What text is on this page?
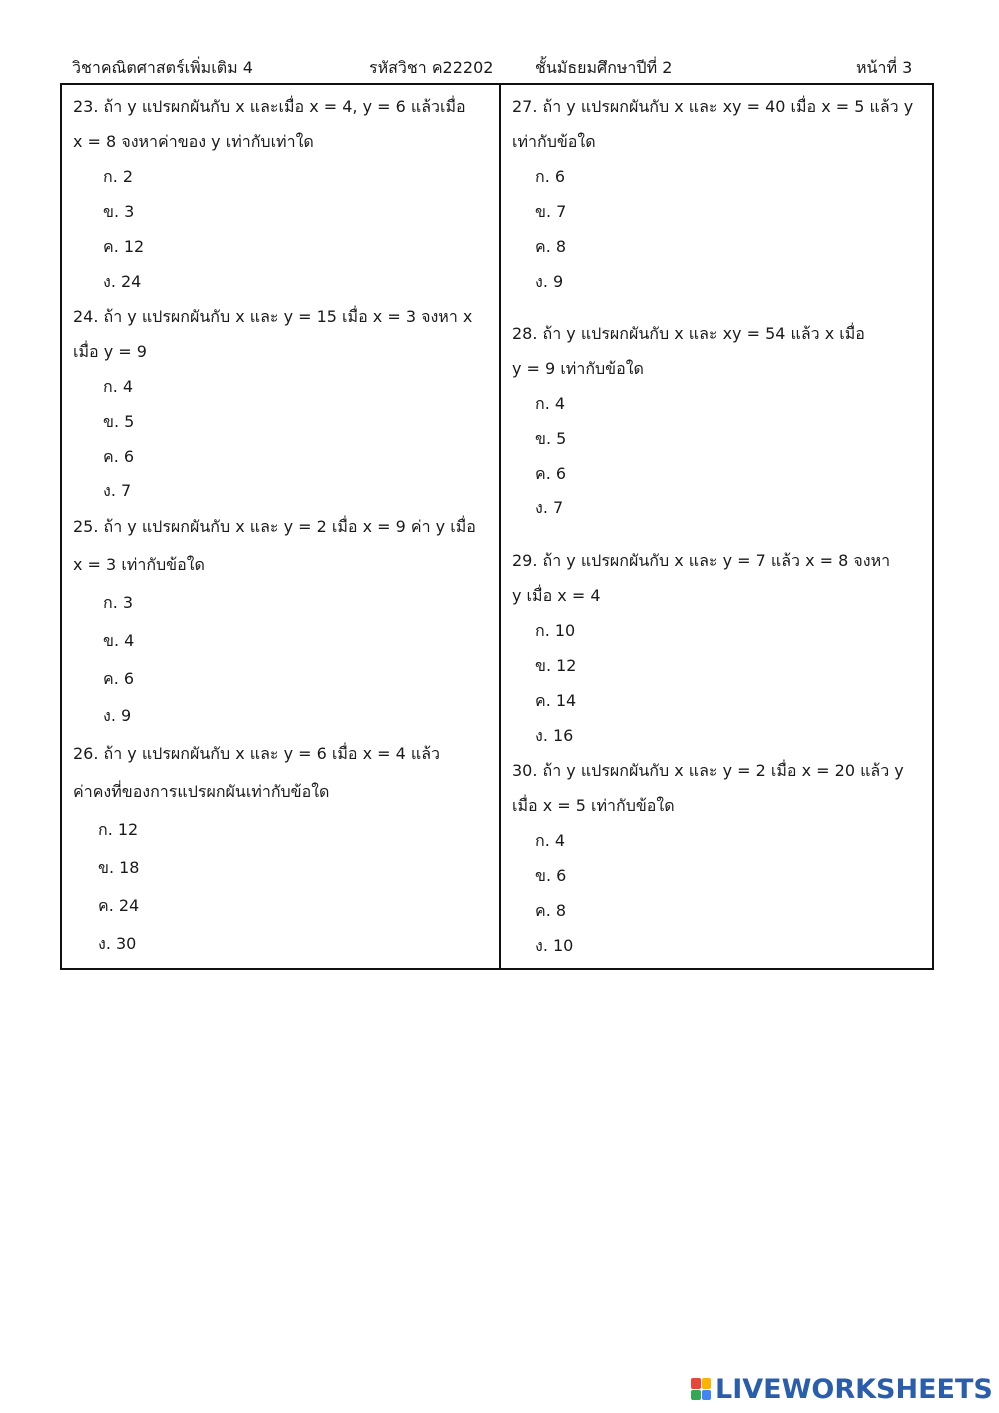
วิชาคณิตศาสตร์เพิ่มเติม 4	รหัสวิชา ค22202	ชั้นมัธยมศึกษาปีที่ 2	หน้าที่ 3
23. ถ้า y แปรผกผันกับ x และเมื่อ x = 4, y = 6 แล้วเมื่อ
x = 8 จงหาค่าของ y เท่ากับเท่าใด
ก. 2
ข. 3
ค. 12
ง. 24
24. ถ้า y แปรผกผันกับ x และ y = 15 เมื่อ x = 3 จงหา x
เมื่อ y = 9
ก. 4
ข. 5
ค. 6
ง. 7
25. ถ้า y แปรผกผันกับ x และ y = 2 เมื่อ x = 9 ค่า y เมื่อ
x = 3 เท่ากับข้อใด
ก. 3
ข. 4
ค. 6
ง. 9
26. ถ้า y แปรผกผันกับ x และ y = 6 เมื่อ x = 4 แล้ว
ค่าคงที่ของการแปรผกผันเท่ากับข้อใด
ก. 12
ข. 18
ค. 24
ง. 30
27. ถ้า y แปรผกผันกับ x และ xy = 40 เมื่อ x = 5 แล้ว y
เท่ากับข้อใด
ก. 6
ข. 7
ค. 8
ง. 9
28. ถ้า y แปรผกผันกับ x และ xy = 54 แล้ว x เมื่อ
y = 9 เท่ากับข้อใด
ก. 4
ข. 5
ค. 6
ง. 7
29. ถ้า y แปรผกผันกับ x และ y = 7 แล้ว x = 8 จงหา
y เมื่อ x = 4
ก. 10
ข. 12
ค. 14
ง. 16
30. ถ้า y แปรผกผันกับ x และ y = 2 เมื่อ x = 20 แล้ว y
เมื่อ x = 5 เท่ากับข้อใด
ก. 4
ข. 6
ค. 8
ง. 10
LIVEWORKSHEETS
